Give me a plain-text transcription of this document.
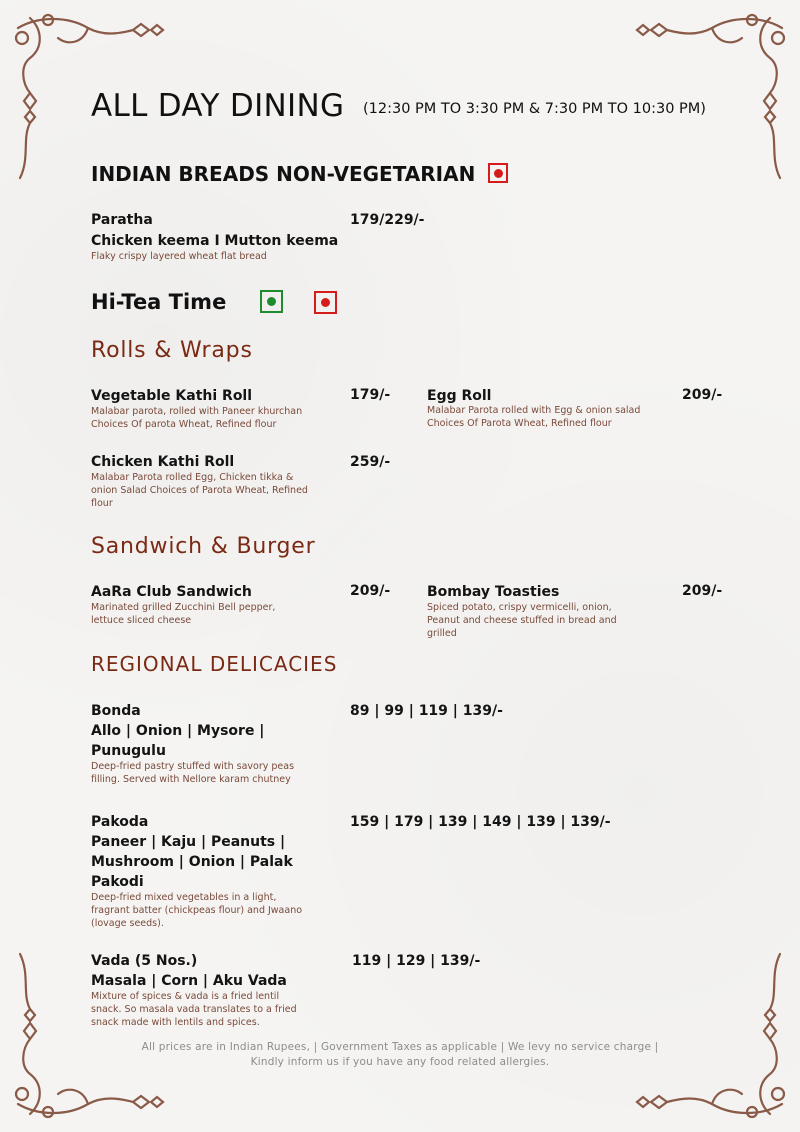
ALL DAY DINING (12:30 PM TO 3:30 PM & 7:30 PM TO 10:30 PM)
INDIAN BREADS NON-VEGETARIAN
Paratha
Chicken keema I Mutton keema
Flaky crispy layered wheat flat bread
179/229/-
Hi-Tea Time
Rolls & Wraps
Vegetable Kathi Roll
Malabar parota, rolled with Paneer khurchan Choices Of parota Wheat, Refined flour
179/-	Egg Roll
Malabar Parota rolled with Egg & onion salad Choices Of Parota Wheat, Refined flour
209/-
Chicken Kathi Roll
Malabar Parota rolled Egg, Chicken tikka & onion Salad Choices of Parota Wheat, Refined flour
259/-
Sandwich & Burger
AaRa Club Sandwich
Marinated grilled Zucchini Bell pepper, lettuce sliced cheese
209/-	Bombay Toasties
Spiced potato, crispy vermicelli, onion, Peanut and cheese stuffed in bread and grilled
209/-
REGIONAL DELICACIES
Bonda
Allo | Onion | Mysore |
Punugulu
Deep-fried pastry stuffed with savory peas filling. Served with Nellore karam chutney
89 | 99 | 119 | 139/-
Pakoda
Paneer | Kaju | Peanuts |
Mushroom | Onion | Palak
Pakodi
Deep-fried mixed vegetables in a light, fragrant batter (chickpeas flour) and Jwaano (lovage seeds).
159 | 179 | 139 | 149 | 139 | 139/-
Vada (5 Nos.)
Masala | Corn | Aku Vada
Mixture of spices & vada is a fried lentil snack. So masala vada translates to a fried snack made with lentils and spices.
119 | 129 | 139/-
All prices are in Indian Rupees, | Government Taxes as applicable | We levy no service charge |
Kindly inform us if you have any food related allergies.
